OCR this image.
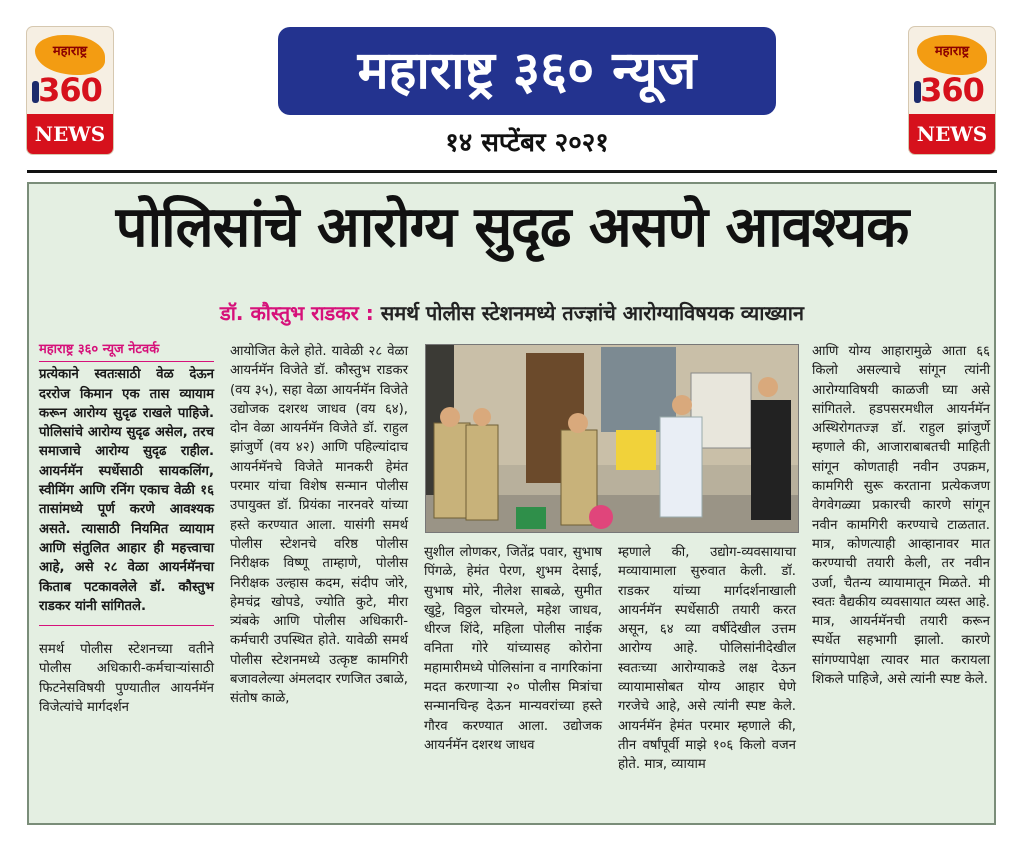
महाराष्ट्र
360
NEWS
महाराष्ट्र ३६० न्यूज
१४ सप्टेंबर २०२१
महाराष्ट्र
360
NEWS
पोलिसांचे आरोग्य सुदृढ असणे आवश्यक
डॉ. कौस्तुभ राडकर : समर्थ पोलीस स्टेशनमध्ये तज्ज्ञांचे आरोग्याविषयक व्याख्यान
महाराष्ट्र ३६० न्यूज नेटवर्क
प्रत्येकाने स्वतःसाठी वेळ देऊन दररोज किमान एक तास व्यायाम करून आरोग्य सुदृढ राखले पाहिजे. पोलिसांचे आरोग्य सुदृढ असेल, तरच समाजाचे आरोग्य सुदृढ राहील. आयर्नमॅन स्पर्धेसाठी सायकलिंग, स्वीमिंग आणि रनिंग एकाच वेळी १६ तासांमध्ये पूर्ण करणे आवश्यक असते. त्यासाठी नियमित व्यायाम आणि संतुलित आहार ही महत्त्वाचा आहे, असे २८ वेळा आयर्नमॅनचा किताब पटकावलेले डॉ. कौस्तुभ राडकर यांनी सांगितले.
समर्थ पोलीस स्टेशनच्या वतीने पोलीस अधिकारी-कर्मचाऱ्यांसाठी फिटनेसविषयी पुण्यातील आयर्नमॅन विजेत्यांचे मार्गदर्शन
आयोजित केले होते. यावेळी २८ वेळा आयर्नमॅन विजेते डॉ. कौस्तुभ राडकर (वय ३५), सहा वेळा आयर्नमॅन विजेते उद्योजक दशरथ जाधव (वय ६४), दोन वेळा आयर्नमॅन विजेते डॉ. राहुल झांजुर्णे (वय ४२) आणि पहिल्यांदाच आयर्नमॅनचे विजेते मानकरी हेमंत परमार यांचा विशेष सन्मान पोलीस उपायुक्त डॉ. प्रियंका नारनवरे यांच्या हस्ते करण्यात आला. यासंगी समर्थ पोलीस स्टेशनचे वरिष्ठ पोलीस निरीक्षक विष्णू ताम्हाणे, पोलीस निरीक्षक उल्हास कदम, संदीप जोरे, हेमचंद्र खोपडे, ज्योति कुटे, मीरा त्र्यंबके आणि पोलीस अधिकारी-कर्मचारी उपस्थित होते. यावेळी समर्थ पोलीस स्टेशनमध्ये उत्कृष्ट कामगिरी बजावलेल्या अंमलदार रणजित उबाळे, संतोष काळे,
सुशील लोणकर, जितेंद्र पवार, सुभाष पिंगळे, हेमंत पेरण, शुभम देसाई, सुभाष मोरे, नीलेश साबळे, सुमीत खुट्टे, विठ्ठल चोरमले, महेश जाधव, धीरज शिंदे, महिला पोलीस नाईक वनिता गोरे यांच्यासह कोरोना महामारीमध्ये पोलिसांना व नागरिकांना मदत करणाऱ्या २० पोलीस मित्रांचा सन्मानचिन्ह देऊन मान्यवरांच्या हस्ते गौरव करण्यात आला. उद्योजक आयर्नमॅन दशरथ जाधव
म्हणाले की, उद्योग-व्यवसायाचा मव्यायामाला सुरुवात केली. डॉ. राडकर यांच्या मार्गदर्शनाखाली आयर्नमॅन स्पर्धेसाठी तयारी करत असून, ६४ व्या वर्षीदेखील उत्तम आरोग्य आहे. पोलिसांनीदेखील स्वतःच्या आरोग्याकडे लक्ष देऊन व्यायामासोबत योग्य आहार घेणे गरजेचे आहे, असे त्यांनी स्पष्ट केले. आयर्नमॅन हेमंत परमार म्हणाले की, तीन वर्षांपूर्वी माझे १०६ किलो वजन होते. मात्र, व्यायाम
आणि योग्य आहारामुळे आता ६६ किलो असल्याचे सांगून त्यांनी आरोग्याविषयी काळजी घ्या असे सांगितले. हडपसरमधील आयर्नमॅन अस्थिरोगतज्ज्ञ डॉ. राहुल झांजुर्णे म्हणाले की, आजाराबाबतची माहिती सांगून कोणताही नवीन उपक्रम, कामगिरी सुरू करताना प्रत्येकजण वेगवेगळ्या प्रकारची कारणे सांगून नवीन कामगिरी करण्याचे टाळतात. मात्र, कोणत्याही आव्हानावर मात करण्याची तयारी केली, तर नवीन उर्जा, चैतन्य व्यायामातून मिळते. मी स्वतः वैद्यकीय व्यवसायात व्यस्त आहे. मात्र, आयर्नमॅनची तयारी करून स्पर्धेत सहभागी झालो. कारणे सांगण्यापेक्षा त्यावर मात करायला शिकले पाहिजे, असे त्यांनी स्पष्ट केले.
